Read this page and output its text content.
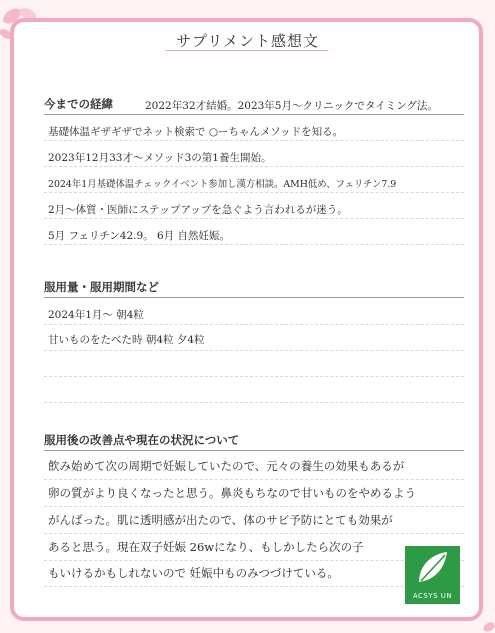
サプリメント感想文
今までの経緯	2022年32才結婚。2023年5月～クリニックでタイミング法。
基礎体温ギザギザでネット検索で ○ーちゃんメソッドを知る。
2023年12月33才～メソッド3の第1養生開始。
2024年1月基礎体温チェックイベント参加し漢方相談。AMH低め、フェリチン7.9
2月～体質・医師にステップアップを急ぐよう言われるが迷う。
5月 フェリチン42.9。 6月 自然妊娠。
服用量・服用期間など
2024年1月～ 朝4粒
甘いものをたべた時 朝4粒 夕4粒
服用後の改善点や現在の状況について
飲み始めて次の周期で妊娠していたので、元々の養生の効果もあるが
卵の質がより良くなったと思う。鼻炎もちなので甘いものをやめるよう
がんばった。肌に透明感が出たので、体のサビ予防にとても効果が
あると思う。現在双子妊娠 26wになり、もしかしたら次の子
もいけるかもしれないので 妊娠中ものみつづけている。
ACSYS UN
